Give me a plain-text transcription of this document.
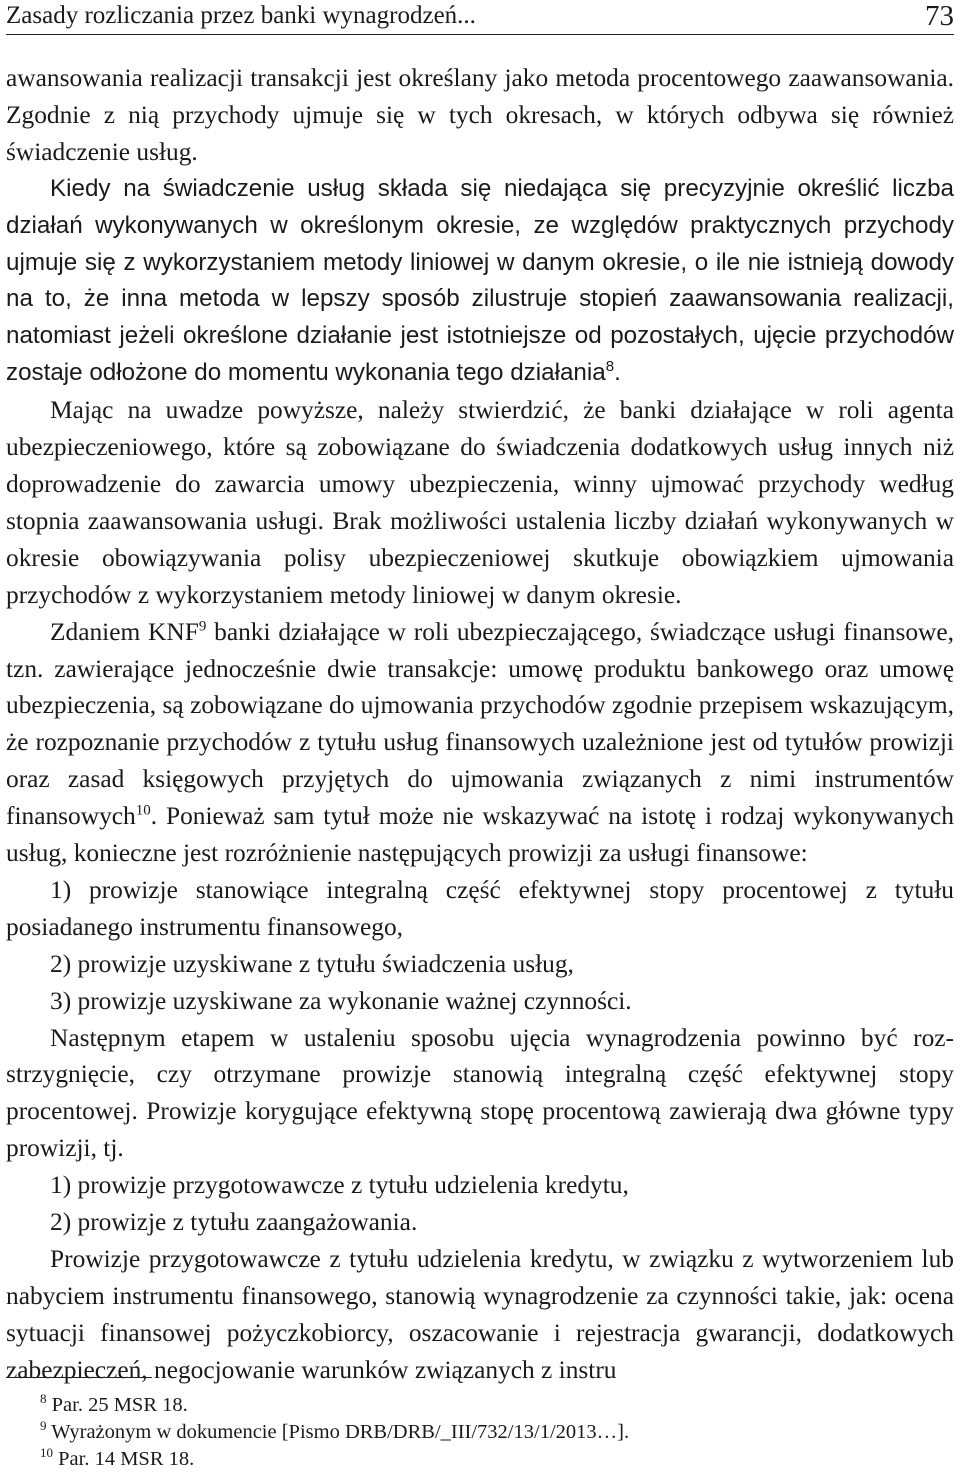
Zasady rozliczania przez banki wynagrodzeń...	73

awansowania realizacji transakcji jest określany jako metoda procentowego zaawansowania. Zgodnie z nią przychody ujmuje się w tych okresach, w których odbywa się również świadczenie usług.

Kiedy na świadczenie usług składa się niedająca się precyzyjnie określić liczba działań wykonywanych w określonym okresie, ze względów praktycznych przychody ujmuje się z wykorzystaniem metody liniowej w danym okresie, o ile nie istnieją dowody na to, że inna metoda w lepszy sposób zilustruje stopień zaawansowania realizacji, natomiast jeżeli określone działanie jest istotniejsze od pozostałych, ujęcie przychodów zostaje odłożone do momentu wykonania tego działania$^8$.

Mając na uwadze powyższe, należy stwierdzić, że banki działające w roli agenta ubezpieczeniowego, które są zobowiązane do świadczenia dodatkowych usług innych niż doprowadzenie do zawarcia umowy ubezpieczenia, winny ujmować przychody według stopnia zaawansowania usługi. Brak możliwości ustalenia liczby działań wykonywanych w okresie obowiązywania polisy ubezpieczeniowej skutkuje obowiązkiem ujmowania przychodów z wykorzystaniem metody liniowej w danym okresie.

Zdaniem KNF$^9$ banki działające w roli ubezpieczającego, świadczące usługi finansowe, tzn. zawierające jednocześnie dwie transakcje: umowę produktu bankowego oraz umowę ubezpieczenia, są zobowiązane do ujmowania przychodów zgodnie przepisem wskazującym, że rozpoznanie przychodów z tytułu usług finansowych uzależnione jest od tytułów prowizji oraz zasad księgowych przyjętych do ujmowania związanych z nimi instrumentów finansowych$^{10}$. Ponieważ sam tytuł może nie wskazywać na istotę i rodzaj wykonywanych usług, konieczne jest rozróżnienie następujących prowizji za usługi finansowe:

1) prowizje stanowiące integralną część efektywnej stopy procentowej z tytułu posiadanego instrumentu finansowego,

2) prowizje uzyskiwane z tytułu świadczenia usług,

3) prowizje uzyskiwane za wykonanie ważnej czynności.

Następnym etapem w ustaleniu sposobu ujęcia wynagrodzenia powinno być rozstrzygnięcie, czy otrzymane prowizje stanowią integralną część efektywnej stopy procentowej. Prowizje korygujące efektywną stopę procentową zawierają dwa główne typy prowizji, tj.

1) prowizje przygotowawcze z tytułu udzielenia kredytu,

2) prowizje z tytułu zaangażowania.

Prowizje przygotowawcze z tytułu udzielenia kredytu, w związku z wytworzeniem lub nabyciem instrumentu finansowego, stanowią wynagrodzenie za czynności takie, jak: ocena sytuacji finansowej pożyczkobiorcy, oszacowanie i rejestracja gwarancji, dodatkowych zabezpieczeń, negocjowanie warunków związanych z instru

$^8$ Par. 25 MSR 18.

$^9$ Wyrażonym w dokumencie [Pismo DRB/DRB/_III/732/13/1/2013…].

$^{10}$ Par. 14 MSR 18.
